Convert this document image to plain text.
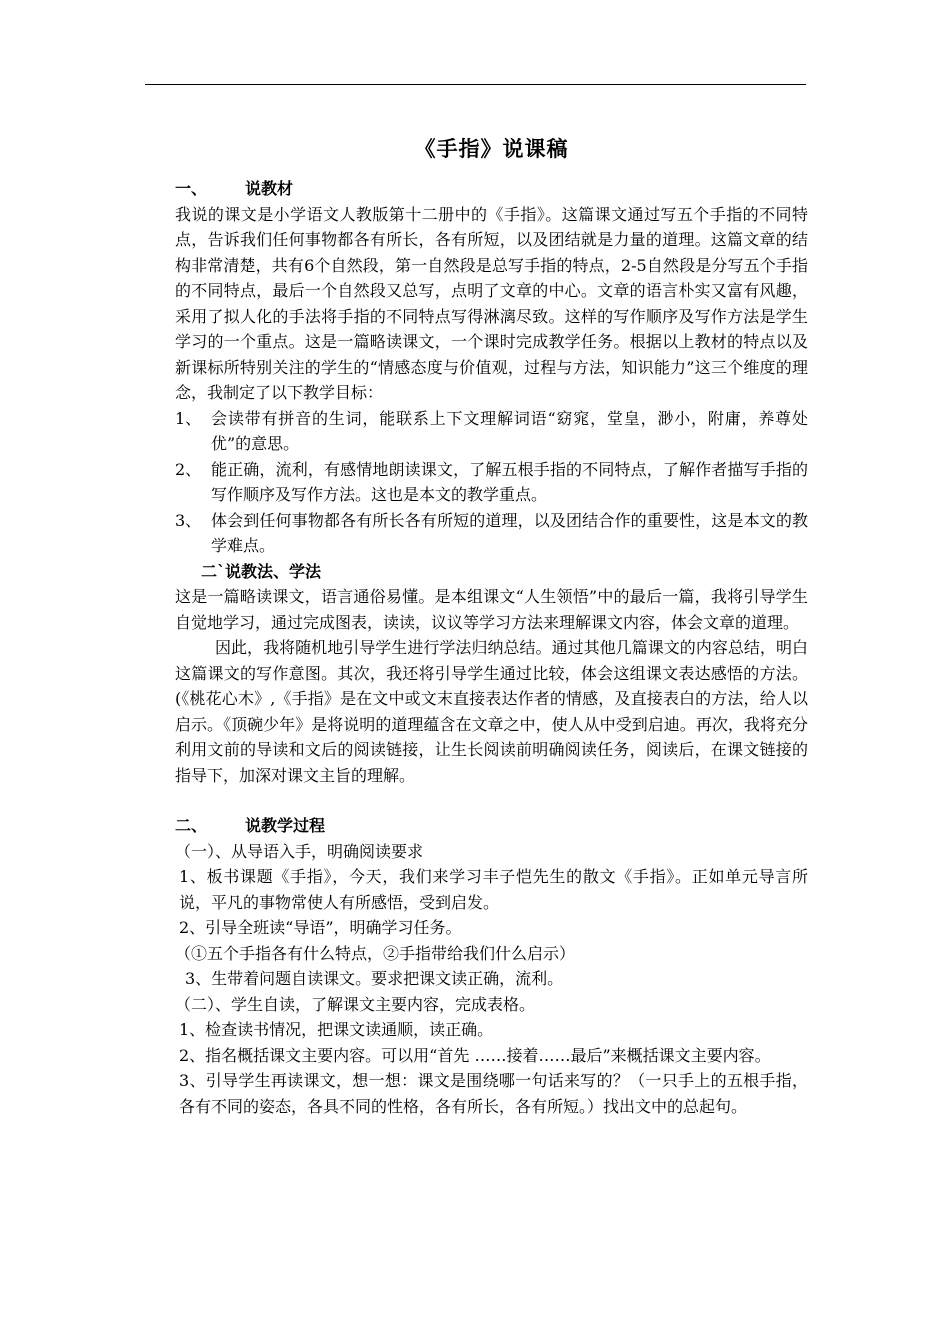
《手指》说课稿
一、	说教材

我说的课文是小学语文人教版第十二册中的《手指》。这篇课文通过写五个手指的不同特点，告诉我们任何事物都各有所长，各有所短，以及团结就是力量的道理。这篇文章的结构非常清楚，共有6个自然段，第一自然段是总写手指的特点，2-5自然段是分写五个手指的不同特点，最后一个自然段又总写，点明了文章的中心。文章的语言朴实又富有风趣，采用了拟人化的手法将手指的不同特点写得淋漓尽致。这样的写作顺序及写作方法是学生学习的一个重点。这是一篇略读课文，一个课时完成教学任务。根据以上教材的特点以及新课标所特别关注的学生的“情感态度与价值观，过程与方法，知识能力”这三个维度的理念，我制定了以下教学目标：

1、 会读带有拼音的生词，能联系上下文理解词语“窈窕，堂皇，渺小，附庸，养尊处优”的意思。
2、 能正确，流利，有感情地朗读课文，了解五根手指的不同特点，了解作者描写手指的写作顺序及写作方法。这也是本文的教学重点。
3、 体会到任何事物都各有所长各有所短的道理，以及团结合作的重要性，这是本文的教学难点。
二`说教法、学法

这是一篇略读课文，语言通俗易懂。是本组课文“人生领悟”中的最后一篇，我将引导学生自觉地学习，通过完成图表，读读，议议等学习方法来理解课文内容，体会文章的道理。

因此，我将随机地引导学生进行学法归纳总结。通过其他几篇课文的内容总结，明白这篇课文的写作意图。其次，我还将引导学生通过比较，体会这组课文表达感悟的方法。(《桃花心木》,《手指》是在文中或文末直接表达作者的情感，及直接表白的方法，给人以启示。《顶碗少年》是将说明的道理蕴含在文章之中，使人从中受到启迪。再次，我将充分利用文前的导读和文后的阅读链接，让生长阅读前明确阅读任务，阅读后，在课文链接的指导下，加深对课文主旨的理解。

二、	说教学过程

（一）、从导语入手，明确阅读要求

1、板书课题《手指》，今天，我们来学习丰子恺先生的散文《手指》。正如单元导言所说，平凡的事物常使人有所感悟，受到启发。

2、引导全班读“导语”，明确学习任务。

（①五个手指各有什么特点，②手指带给我们什么启示）

3、生带着问题自读课文。要求把课文读正确，流利。

（二）、学生自读，了解课文主要内容，完成表格。

1、检查读书情况，把课文读通顺，读正确。

2、指名概括课文主要内容。可以用“首先 ……接着……最后”来概括课文主要内容。

3、引导学生再读课文，想一想：课文是围绕哪一句话来写的？（一只手上的五根手指，各有不同的姿态，各具不同的性格，各有所长，各有所短。）找出文中的总起句。
